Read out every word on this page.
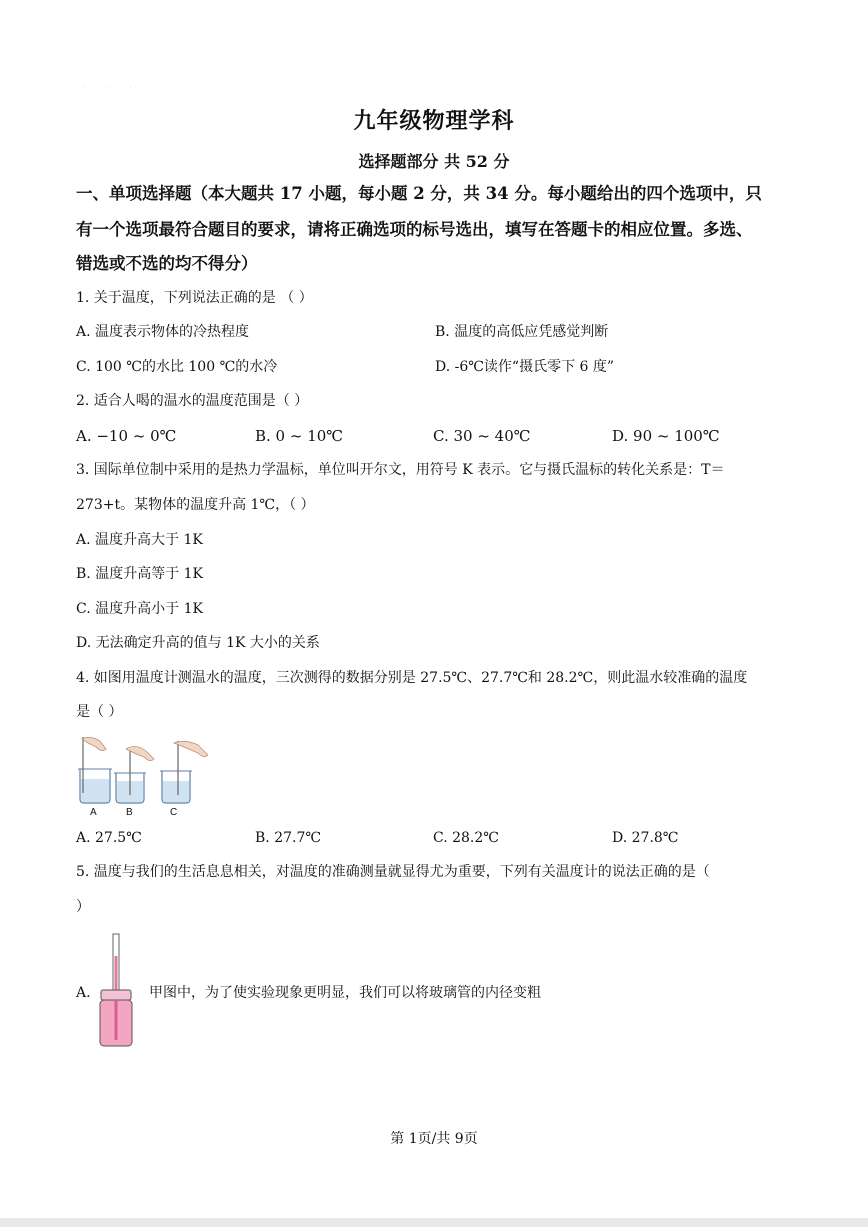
· · ·
九年级物理学科
选择题部分 共 52 分
一、单项选择题（本大题共 17 小题，每小题 2 分，共 34 分。每小题给出的四个选项中，只
有一个选项最符合题目的要求，请将正确选项的标号选出，填写在答题卡的相应位置。多选、
错选或不选的均不得分）
1. 关于温度，下列说法正确的是 （ ）
A. 温度表示物体的冷热程度	B. 温度的高低应凭感觉判断
C. 100 ℃的水比 100 ℃的水冷	D. -6℃读作“摄氏零下 6 度”
2. 适合人喝的温水的温度范围是（ ）
A. −10 ~ 0℃	B. 0 ~ 10℃	C. 30 ~ 40℃	D. 90 ~ 100℃
3. 国际单位制中采用的是热力学温标，单位叫开尔文，用符号 K 表示。它与摄氏温标的转化关系是：T＝
273+t。某物体的温度升高 1℃，（ ）
A. 温度升高大于 1K
B. 温度升高等于 1K
C. 温度升高小于 1K
D. 无法确定升高的值与 1K 大小的关系
4. 如图用温度计测温水的温度，三次测得的数据分别是 27.5℃、27.7℃和 28.2℃，则此温水较准确的温度
是（ ）
A	B	C
A. 27.5℃	B. 27.7℃	C. 28.2℃	D. 27.8℃
5. 温度与我们的生活息息相关，对温度的准确测量就显得尤为重要，下列有关温度计的说法正确的是（
）
A.	甲图中，为了使实验现象更明显，我们可以将玻璃管的内径变粗
第 1页/共 9页
